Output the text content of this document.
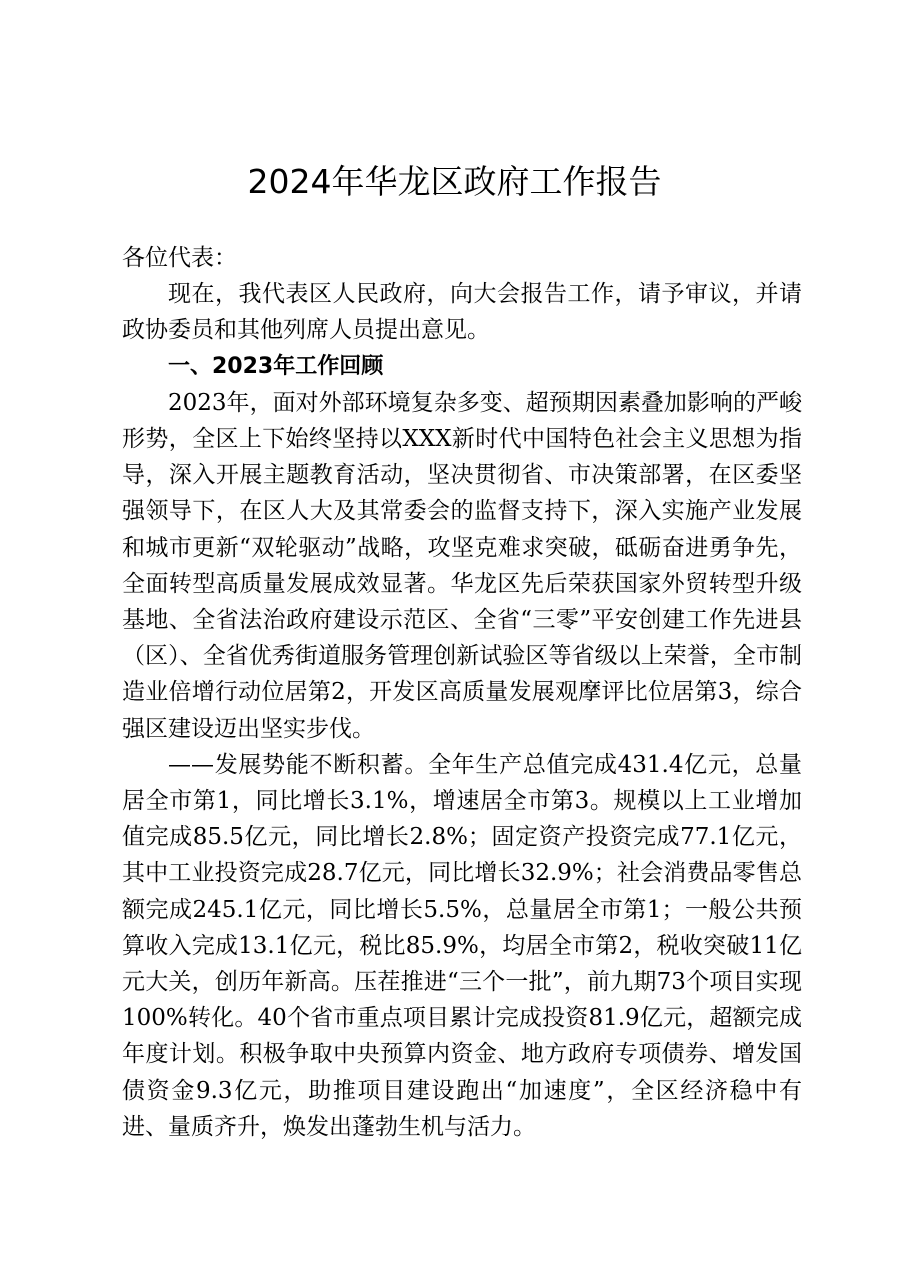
2024年华龙区政府工作报告

各位代表：

现在，我代表区人民政府，向大会报告工作，请予审议，并请政协委员和其他列席人员提出意见。

一、2023年工作回顾

2023年，面对外部环境复杂多变、超预期因素叠加影响的严峻形势，全区上下始终坚持以XXX新时代中国特色社会主义思想为指导，深入开展主题教育活动，坚决贯彻省、市决策部署，在区委坚强领导下，在区人大及其常委会的监督支持下，深入实施产业发展和城市更新“双轮驱动”战略，攻坚克难求突破，砥砺奋进勇争先，全面转型高质量发展成效显著。华龙区先后荣获国家外贸转型升级基地、全省法治政府建设示范区、全省“三零”平安创建工作先进县（区）、全省优秀街道服务管理创新试验区等省级以上荣誉，全市制造业倍增行动位居第2，开发区高质量发展观摩评比位居第3，综合强区建设迈出坚实步伐。

——发展势能不断积蓄。全年生产总值完成431.4亿元，总量居全市第1，同比增长3.1%，增速居全市第3。规模以上工业增加值完成85.5亿元，同比增长2.8%；固定资产投资完成77.1亿元，其中工业投资完成28.7亿元，同比增长32.9%；社会消费品零售总额完成245.1亿元，同比增长5.5%，总量居全市第1；一般公共预算收入完成13.1亿元，税比85.9%，均居全市第2，税收突破11亿元大关，创历年新高。压茬推进“三个一批”，前九期73个项目实现100%转化。40个省市重点项目累计完成投资81.9亿元，超额完成年度计划。积极争取中央预算内资金、地方政府专项债券、增发国债资金9.3亿元，助推项目建设跑出“加速度”，全区经济稳中有进、量质齐升，焕发出蓬勃生机与活力。
